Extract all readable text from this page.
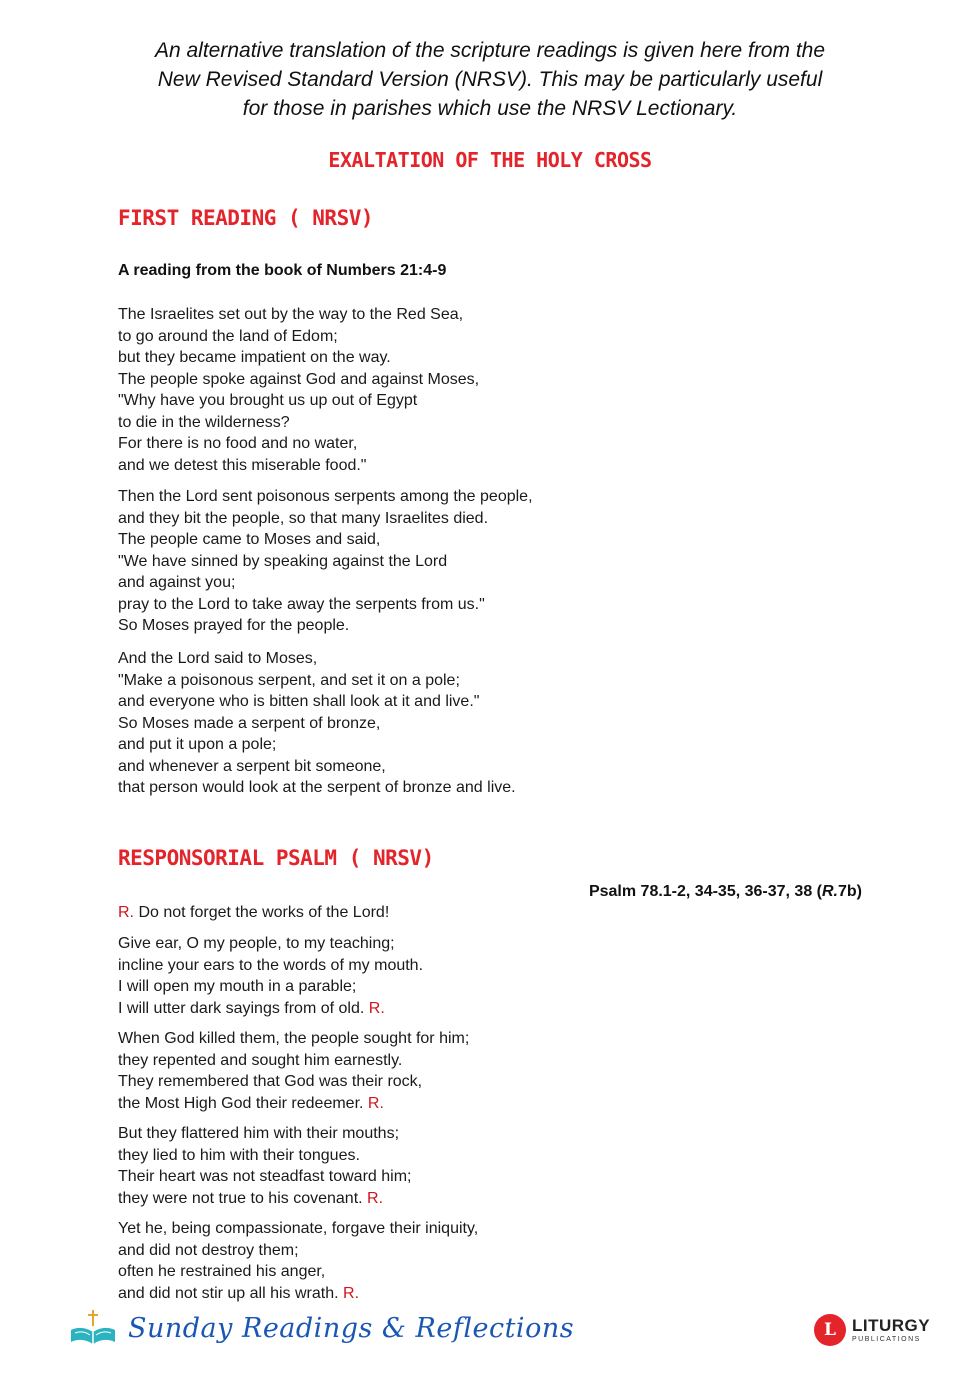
An alternative translation of the scripture readings is given here from the
New Revised Standard Version (NRSV). This may be particularly useful
for those in parishes which use the NRSV Lectionary.
EXALTATION OF THE HOLY CROSS
FIRST READING ( NRSV)
A reading from the book of Numbers 21:4-9
The Israelites set out by the way to the Red Sea,
to go around the land of Edom;
but they became impatient on the way.
The people spoke against God and against Moses,
"Why have you brought us up out of Egypt
to die in the wilderness?
For there is no food and no water,
and we detest this miserable food."
Then the Lord sent poisonous serpents among the people,
and they bit the people, so that many Israelites died.
The people came to Moses and said,
"We have sinned by speaking against the Lord
and against you;
pray to the Lord to take away the serpents from us."
So Moses prayed for the people.
And the Lord said to Moses,
"Make a poisonous serpent, and set it on a pole;
and everyone who is bitten shall look at it and live."
So Moses made a serpent of bronze,
and put it upon a pole;
and whenever a serpent bit someone,
that person would look at the serpent of bronze and live.
RESPONSORIAL PSALM ( NRSV)
Psalm 78.1-2, 34-35, 36-37, 38 (R.7b)
R. Do not forget the works of the Lord!
Give ear, O my people, to my teaching;
incline your ears to the words of my mouth.
I will open my mouth in a parable;
I will utter dark sayings from of old. R.
When God killed them, the people sought for him;
they repented and sought him earnestly.
They remembered that God was their rock,
the Most High God their redeemer. R.
But they flattered him with their mouths;
they lied to him with their tongues.
Their heart was not steadfast toward him;
they were not true to his covenant. R.
Yet he, being compassionate, forgave their iniquity,
and did not destroy them;
often he restrained his anger,
and did not stir up all his wrath. R.
Sunday Readings & Reflections	L LITURGY
PUBLICATIONS
